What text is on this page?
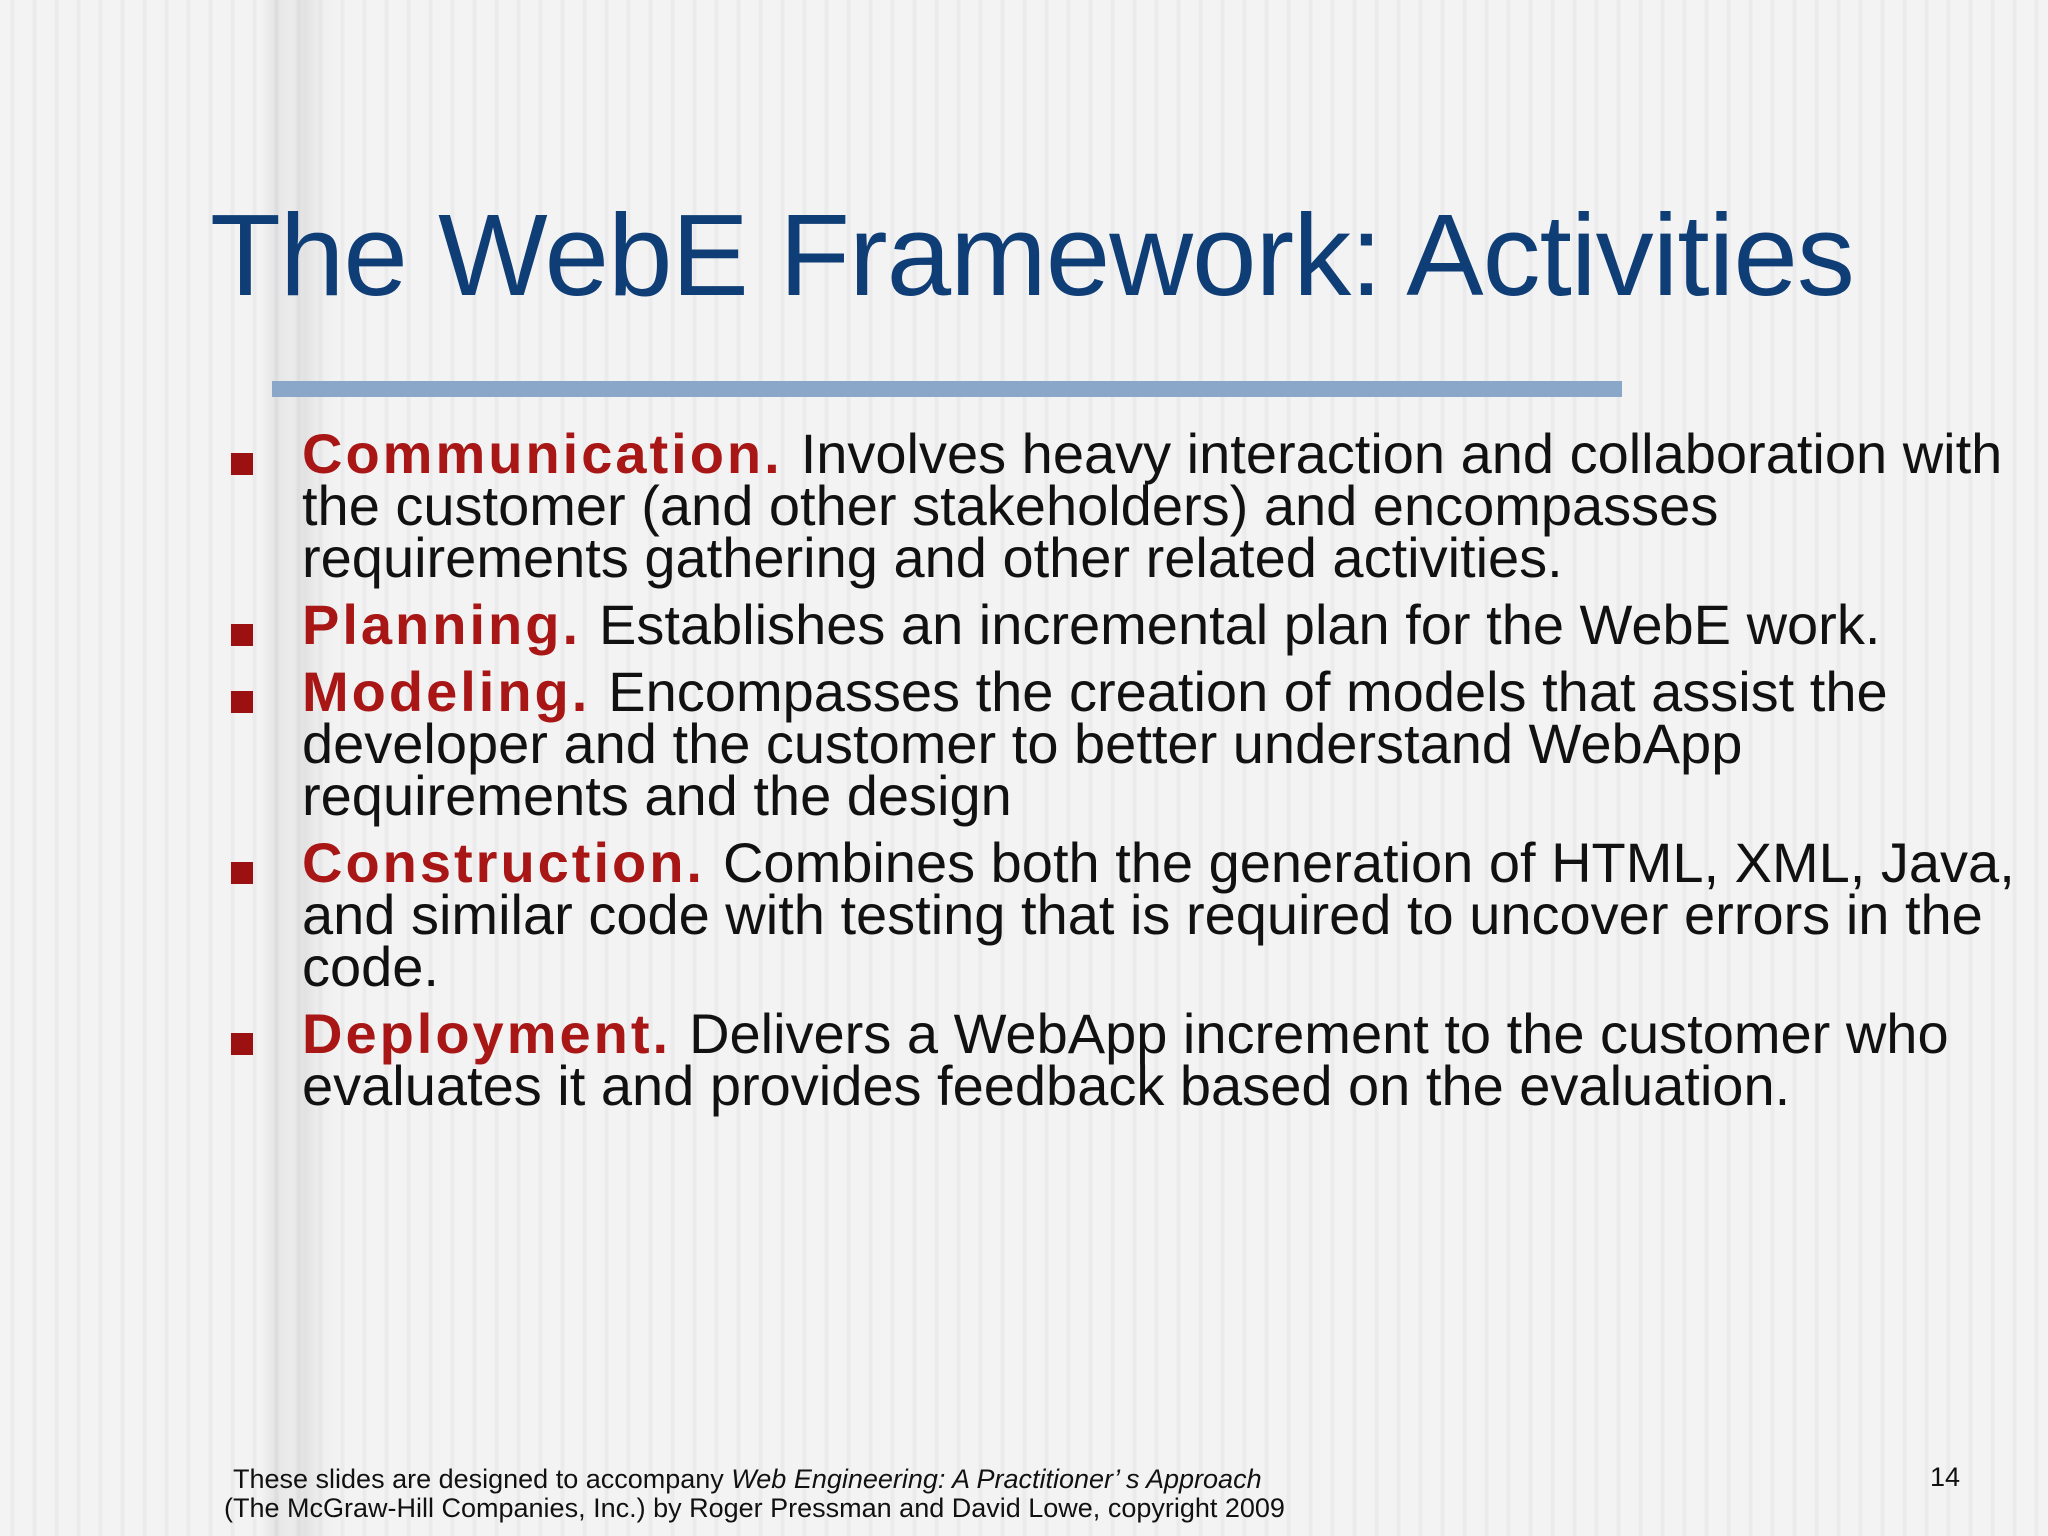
The WebE Framework: Activities
Communication. Involves heavy interaction and collaboration with the customer (and other stakeholders) and encompasses requirements gathering and other related activities.
Planning. Establishes an incremental plan for the WebE work.
Modeling. Encompasses the creation of models that assist the developer and the customer to better understand WebApp requirements and the design
Construction. Combines both the generation of HTML, XML, Java, and similar code with testing that is required to uncover errors in the code.
Deployment. Delivers a WebApp increment to the customer who evaluates it and provides feedback based on the evaluation.
These slides are designed to accompany Web Engineering: A Practitioner’ s Approach
(The McGraw-Hill Companies, Inc.) by Roger Pressman and David Lowe, copyright 2009
14
